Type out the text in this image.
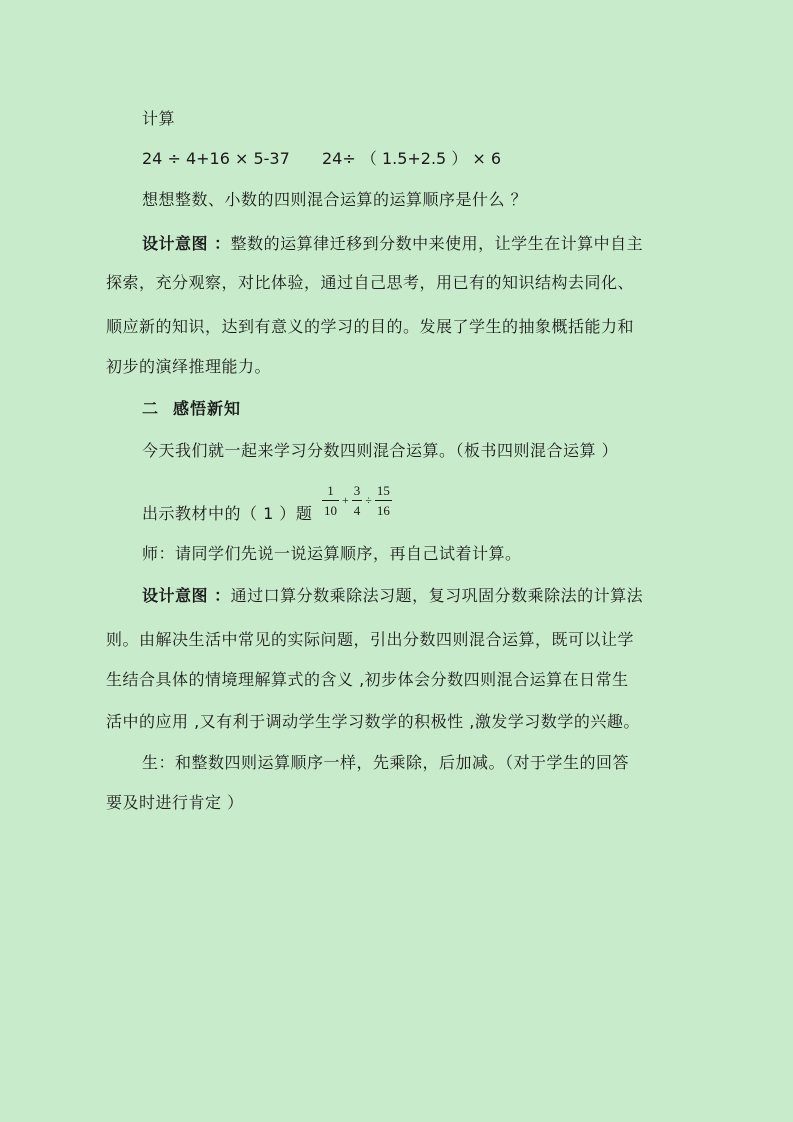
计算
24 ÷ 4+16 × 5-37 24÷ （ 1.5+2.5 ） × 6
想想整数、小数的四则混合运算的运算顺序是什么 ？
设计意图 ：整数的运算律迁移到分数中来使用，让学生在计算中自主
探索，充分观察，对比体验，通过自己思考，用已有的知识结构去同化、
顺应新的知识，达到有意义的学习的目的。发展了学生的抽象概括能力和
初步的演绎推理能力。
二 感悟新知
今天我们就一起来学习分数四则混合运算。（板书四则混合运算 ）
出示教材中的（ 1 ）题 $\frac{1}{10} + \frac{3}{4} \div \frac{15}{16}$
师：请同学们先说一说运算顺序，再自己试着计算。
设计意图 ：通过口算分数乘除法习题，复习巩固分数乘除法的计算法
则。由解决生活中常见的实际问题，引出分数四则混合运算，既可以让学
生结合具体的情境理解算式的含义 ,初步体会分数四则混合运算在日常生
活中的应用 ,又有利于调动学生学习数学的积极性 ,激发学习数学的兴趣。
生：和整数四则运算顺序一样，先乘除，后加减。（对于学生的回答
要及时进行肯定 ）
